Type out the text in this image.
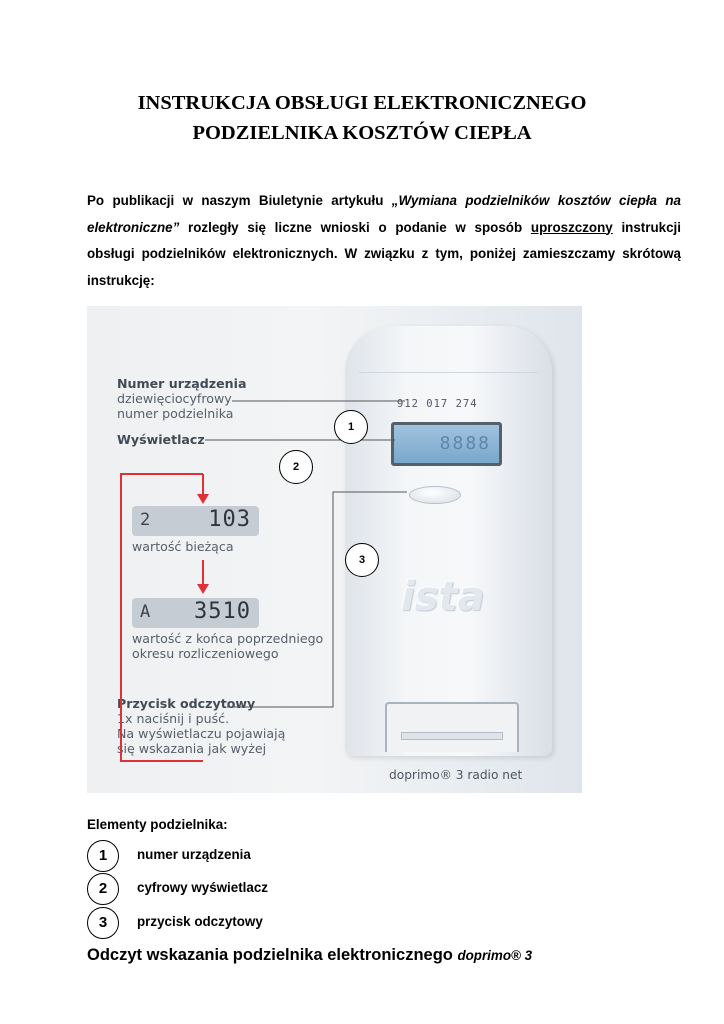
INSTRUKCJA OBSŁUGI ELEKTRONICZNEGO
PODZIELNIKA KOSZTÓW CIEPŁA
Po publikacji w naszym Biuletynie artykułu „Wymiana podzielników kosztów ciepła na elektroniczne” rozległy się liczne wnioski o podanie w sposób uproszczony instrukcji obsługi podzielników elektronicznych. W związku z tym, poniżej zamieszczamy skrótową instrukcję:
912 017 274
8888
ista
Numer urządzenia
dziewięciocyfrowy
numer podzielnika
Wyświetlacz
2	103
wartość bieżąca
A 3510
wartość z końca poprzedniego
okresu rozliczeniowego
Przycisk odczytowy
1x naciśnij i puść.
Na wyświetlaczu pojawiają
się wskazania jak wyżej
doprimo® 3 radio net
1
2
3
Elementy podzielnika:
1	numer urządzenia
2	cyfrowy wyświetlacz
3	przycisk odczytowy
Odczyt wskazania podzielnika elektronicznego doprimo® 3
